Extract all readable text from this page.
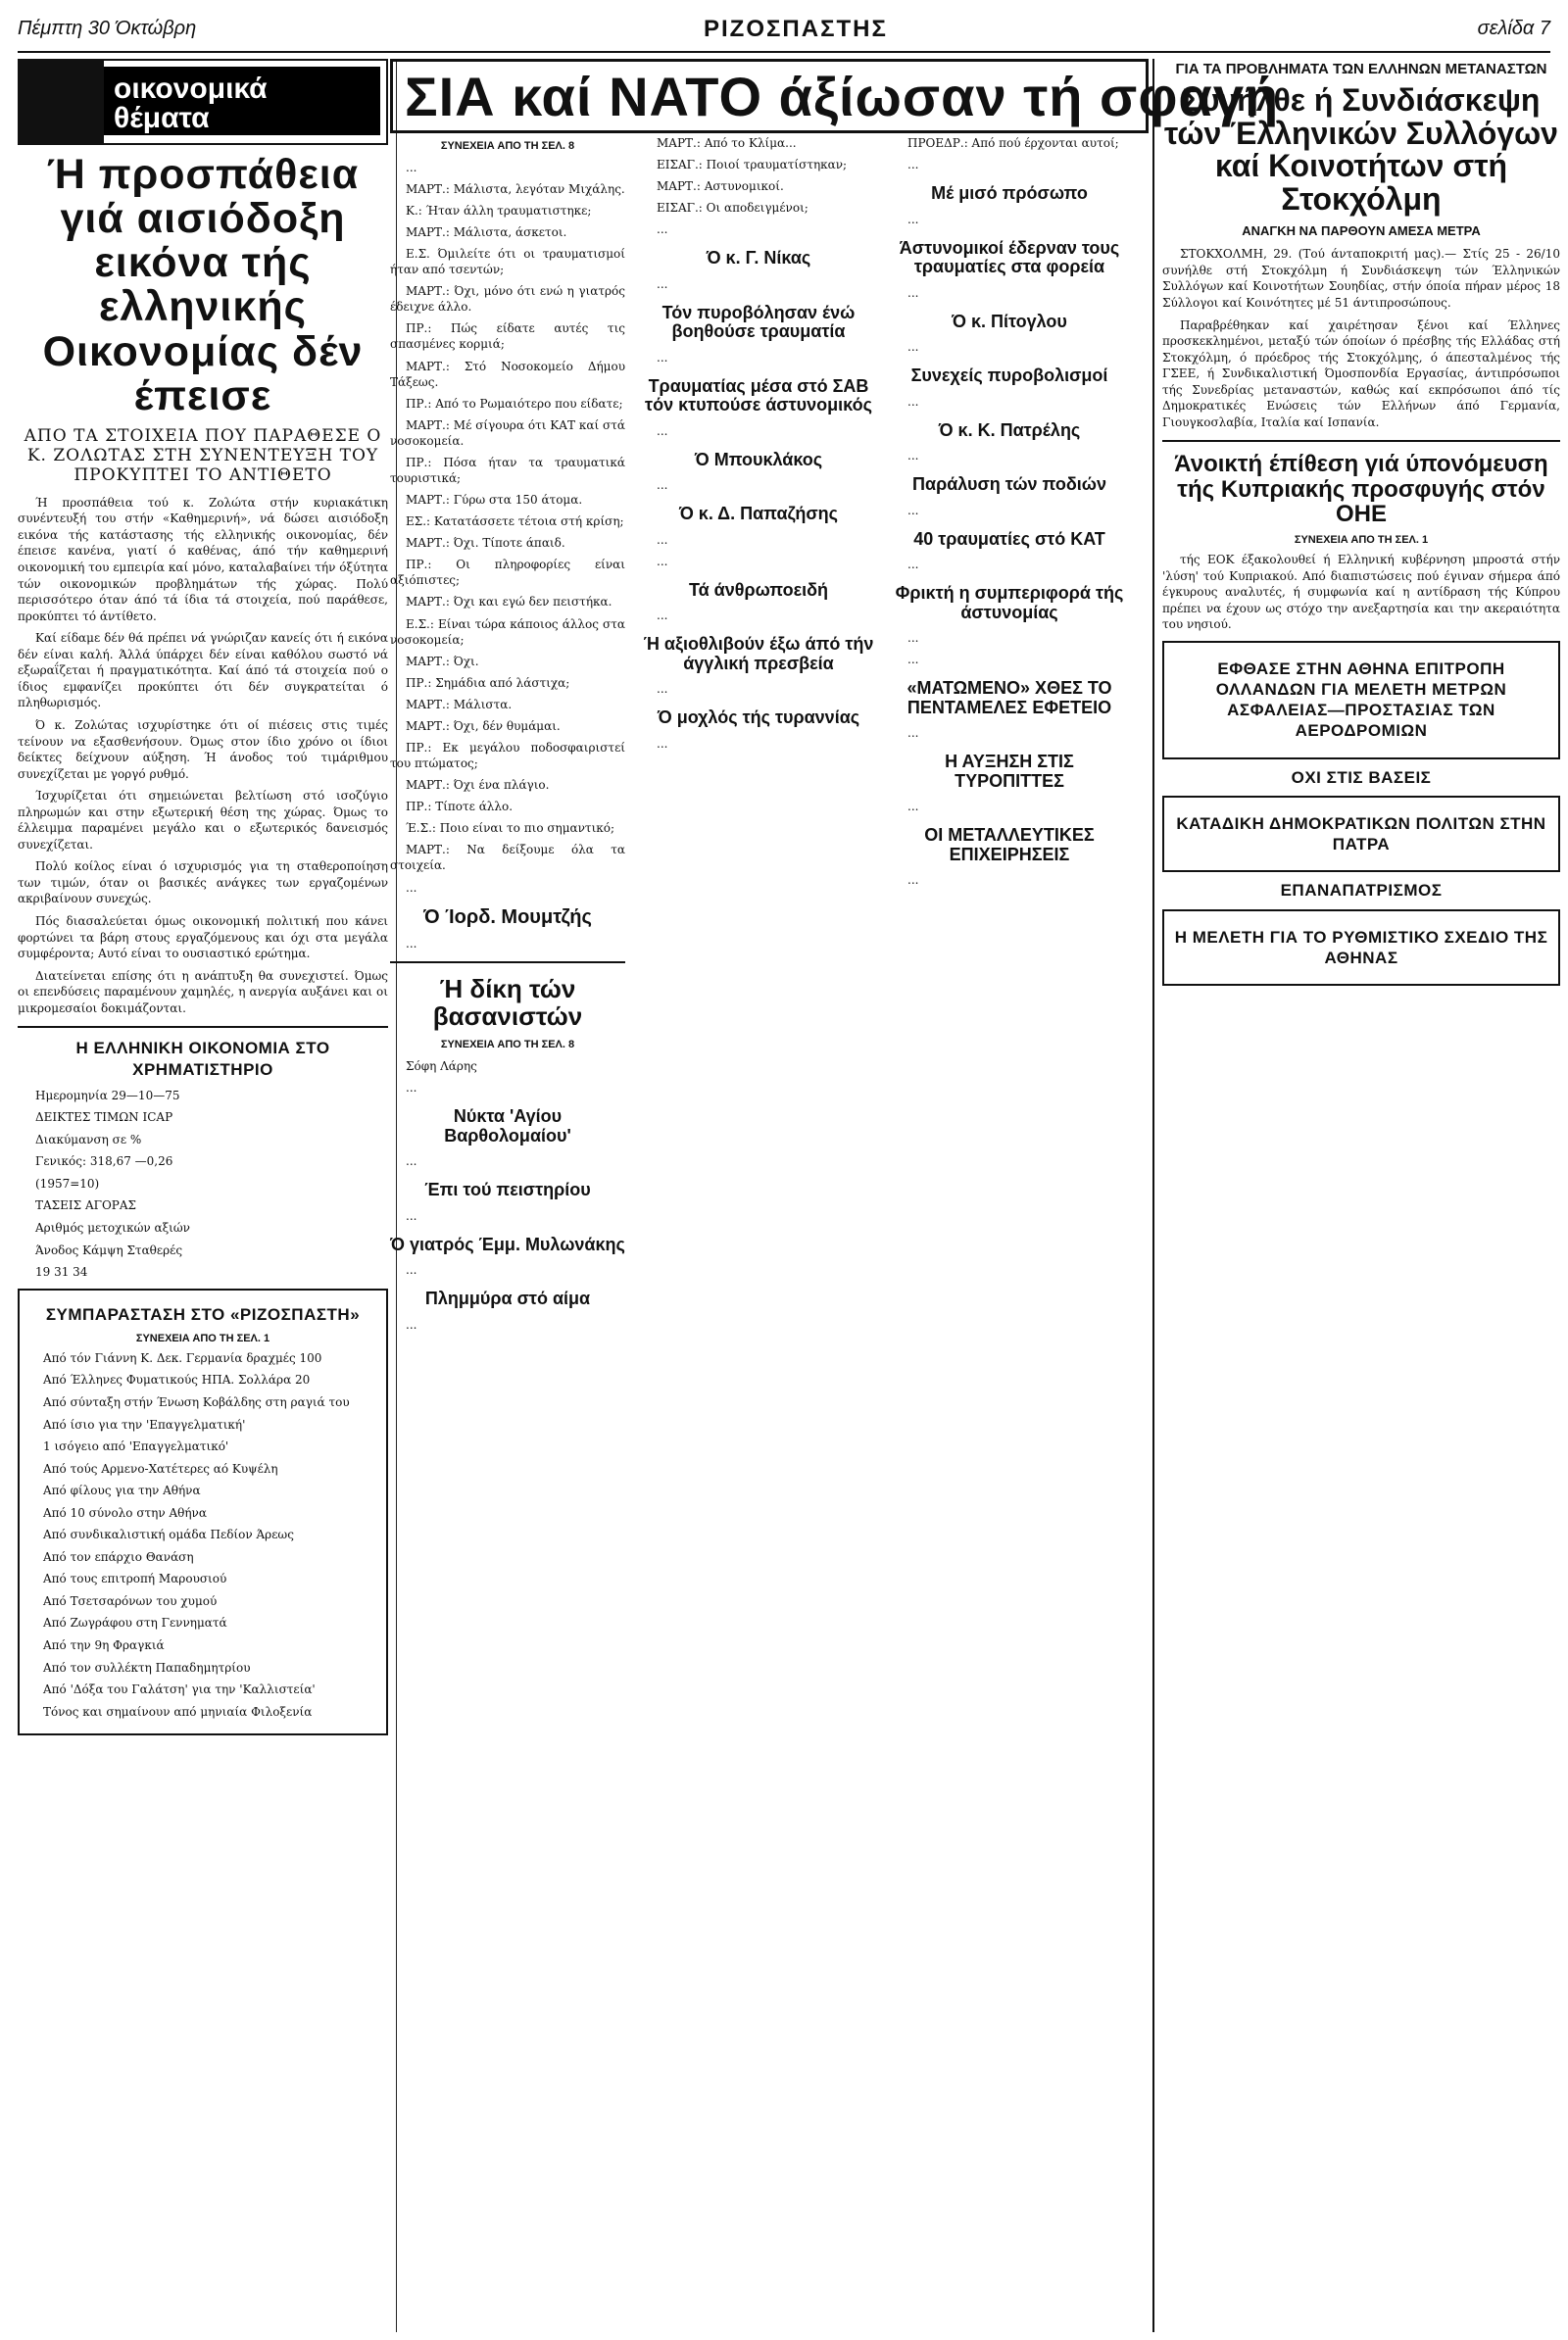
Πέμπτη 30 Όκτώβρη	ΡΙΖΟΣΠΑΣΤΗΣ	σελίδα 7
οικονομικά
θέματα
Ή προσπάθεια γιά αισιόδοξη εικόνα τής ελληνικής Οικονομίας δέν έπεισε
ΑΠΟ ΤΑ ΣΤΟΙΧΕΙΑ ΠΟΥ ΠΑΡΑΘΕΣΕ Ο Κ. ΖΟΛΩΤΑΣ ΣΤΗ ΣΥΝΕΝΤΕΥΞΗ ΤΟΥ ΠΡΟΚΥΠΤΕΙ ΤΟ ΑΝΤΙΘΕΤΟ

Ή προσπάθεια τού κ. Ζολώτα στήν κυριακάτικη συνέντευξή του στήν «Καθημερινή», νά δώσει αισιόδοξη εικόνα τής κατάστασης τής ελληνικής οικονομίας, δέν έπεισε κανένα, γιατί ό καθένας, άπό τήν καθημερινή οικονομική του εμπειρία καί μόνο, καταλαβαίνει τήν όξύτητα τών οικονομικών προβλημάτων τής χώρας. Πολύ περισσότερο όταν άπό τά ίδια τά στοιχεία, πού παράθεσε, προκύπτει τό άντίθετο.

Καί είδαμε δέν θά πρέπει νά γνώριζαν κανείς ότι ή εικόνα δέν είναι καλή. Άλλά ύπάρχει δέν είναι καθόλου σωστό νά εξωραΐζεται ή πραγματικότητα. Καί άπό τά στοιχεία πού ο ίδιος εμφανίζει προκύπτει ότι δέν συγκρατείται ό πληθωρισμός.

Ό κ. Ζολώτας ισχυρίστηκε ότι οί πιέσεις στις τιμές τείνουν να εξασθενήσουν. Όμως στον ίδιο χρόνο οι ίδιοι δείκτες δείχνουν αύξηση. Ή άνοδος τού τιμάριθμου συνεχίζεται με γοργό ρυθμό.

Ίσχυρίζεται ότι σημειώνεται βελτίωση στό ισοζύγιο πληρωμών και στην εξωτερική θέση της χώρας. Όμως το έλλειμμα παραμένει μεγάλο και ο εξωτερικός δανεισμός συνεχίζεται.

Πολύ κοίλος είναι ό ισχυρισμός για τη σταθεροποίηση των τιμών, όταν οι βασικές ανάγκες των εργαζομένων ακριβαίνουν συνεχώς.

Πός διασαλεύεται όμως οικονομική πολιτική που κάνει φορτώνει τα βάρη στους εργαζόμενους και όχι στα μεγάλα συμφέροντα; Αυτό είναι το ουσιαστικό ερώτημα.

Διατείνεται επίσης ότι η ανάπτυξη θα συνεχιστεί. Όμως οι επενδύσεις παραμένουν χαμηλές, η ανεργία αυξάνει και οι μικρομεσαίοι δοκιμάζονται.

Η ΕΛΛΗΝΙΚΗ ΟΙΚΟΝΟΜΙΑ ΣΤΟ ΧΡΗΜΑΤΙΣΤΗΡΙΟ

Ημερομηνία 29—10—75

ΔΕΙΚΤΕΣ ΤΙΜΩΝ ICAP

Διακύμανση σε %

Γενικός: 318,67 —0,26

(1957=10)

ΤΑΣΕΙΣ ΑΓΟΡΑΣ

Αριθμός μετοχικών αξιών

Άνοδος Κάμψη Σταθερές

19 31 34

ΣΥΜΠΑΡΑΣΤΑΣΗ ΣΤΟ «ΡΙΖΟΣΠΑΣΤΗ»
ΣΥΝΕΧΕΙΑ ΑΠΟ ΤΗ ΣΕΛ. 1

Από τόν Γιάννη Κ. Δεκ. Γερμανία δραχμές 100

Από Έλληνες Φυματικούς ΗΠΑ. Σολλάρα 20

Από σύνταξη στήν Ένωση Κοβάλδης στη ραγιά του

Από ίσιο για την 'Επαγγελματική'

1 ισόγειο από 'Επαγγελματικό'

Από τούς Αρμενο-Χατέτερες αό Κυψέλη

Από φίλους για την Αθήνα

Από 10 σύνολο στην Αθήνα

Από συνδικαλιστική ομάδα Πεδίον Άρεως

Από τον επάρχιο Θανάση

Από τους επιτροπή Μαρουσιού

Από Τσετσαρόνων του χυμού

Από Ζωγράφου στη Γεννηματά

Από την 9η Φραγκιά

Από τον συλλέκτη Παπαδημητρίου

Από 'Δόξα του Γαλάτση' για την 'Καλλιστεία'

Τόνος και σημαίνουν από μηνιαία Φιλοξενία

ΣΙΑ καί ΝΑΤΟ άξίωσαν τή σφαγή
ΣΥΝΕΧΕΙΑ ΑΠΟ ΤΗ ΣΕΛ. 8

...

ΜΑΡΤ.: Μάλιστα, λεγόταν Μιχάλης.

Κ.: Ήταν άλλη τραυματιστηκε;

ΜΑΡΤ.: Μάλιστα, άσκετοι.

Ε.Σ. Όμιλείτε ότι οι τραυματισμοί ήταν από τσεντών;

ΜΑΡΤ.: Όχι, μόνο ότι ενώ η γιατρός έδειχνε άλλο.

ΠΡ.: Πώς είδατε αυτές τις σπασμένες κορμιά;

ΜΑΡΤ.: Στό Νοσοκομείο Δήμου Τάξεως.

ΠΡ.: Από το Ρωμαιότερο που είδατε;

ΜΑΡΤ.: Μέ σίγουρα ότι ΚΑΤ καί στά νοσοκομεία.

ΠΡ.: Πόσα ήταν τα τραυματικά τουριστικά;

ΜΑΡΤ.: Γύρω στα 150 άτομα.

ΕΣ.: Κατατάσσετε τέτοια στή κρίση;

ΜΑΡΤ.: Όχι. Τίποτε άπαιδ.

ΠΡ.: Οι πληροφορίες είναι αξιόπιστες;

ΜΑΡΤ.: Όχι και εγώ δεν πειστήκα.

Ε.Σ.: Είναι τώρα κάποιος άλλος στα νοσοκομεία;

ΜΑΡΤ.: Όχι.

ΠΡ.: Σημάδια από λάστιχα;

ΜΑΡΤ.: Μάλιστα.

ΜΑΡΤ.: Όχι, δέν θυμάμαι.

ΠΡ.: Εκ μεγάλου ποδοσφαιριστεί του πτώματος;

ΜΑΡΤ.: Όχι ένα πλάγιο.

ΠΡ.: Τίποτε άλλο.

Έ.Σ.: Ποιο είναι το πιο σημαντικό;

ΜΑΡΤ.: Να δείξουμε όλα τα στοιχεία.

...

Ό Ίορδ. Μουμτζής

...

Ή δίκη τών βασανιστών
ΣΥΝΕΧΕΙΑ ΑΠΟ ΤΗ ΣΕΛ. 8

Σόφη Λάρης

...

Νύκτα 'Αγίου Βαρθολομαίου'

...

Έπι τού πειστηρίου

...

Ό γιατρός Έμμ. Μυλωνάκης

...

Πλημμύρα στό αίμα

...

ΜΑΡΤ.: Από το Κλίμα...

ΕΙΣΑΓ.: Ποιοί τραυματίστηκαν;

ΜΑΡΤ.: Αστυνομικοί.

ΕΙΣΑΓ.: Οι αποδειγμένοι;

...

Ό κ. Γ. Νίκας

...

Τόν πυροβόλησαν ένώ βοηθούσε τραυματία

...

Τραυματίας μέσα στό ΣΑΒ τόν κτυπούσε άστυνομικός

...

Ό Μπουκλάκος

...

Ό κ. Δ. Παπαζήσης

...

...

Τά άνθρωποειδή

...

Ή αξιοθλιβούν έξω άπό τήν άγγλική πρεσβεία

...

Ό μοχλός τής τυραννίας

...

ΠΡΟΕΔΡ.: Από πού έρχονται αυτοί;

...

Μέ μισό πρόσωπο

...

Άστυνομικοί έδερναν τους τραυματίες στα φορεία

...

Ό κ. Πίτογλου

...

Συνεχείς πυροβολισμοί

...

Ό κ. Κ. Πατρέλης

...

Παράλυση τών ποδιών

...

40 τραυματίες στό ΚΑΤ

...

Φρικτή η συμπεριφορά τής άστυνομίας

...

...

«ΜΑΤΩΜΕΝΟ» ΧΘΕΣ ΤΟ ΠΕΝΤΑΜΕΛΕΣ ΕΦΕΤΕΙΟ

...

Η ΑΥΞΗΣΗ ΣΤΙΣ ΤΥΡΟΠΙΤΤΕΣ

...

ΟΙ ΜΕΤΑΛΛΕΥΤΙΚΕΣ ΕΠΙΧΕΙΡΗΣΕΙΣ

...

ΓΙΑ ΤΑ ΠΡΟΒΛΗΜΑΤΑ ΤΩΝ ΕΛΛΗΝΩΝ ΜΕΤΑΝΑΣΤΩΝ
Συνήλθε ή Συνδιάσκεψη τών Έλληνικών Συλλόγων καί Κοινοτήτων στή Στοκχόλμη
ΑΝΑΓΚΗ ΝΑ ΠΑΡΘΟΥΝ ΑΜΕΣΑ ΜΕΤΡΑ

ΣΤΟΚΧΟΛΜΗ, 29. (Τού άνταποκριτή μας).— Στίς 25 - 26/10 συνήλθε στή Στοκχόλμη ή Συνδιάσκεψη τών Έλληνικών Συλλόγων καί Κοινοτήτων Σουηδίας, στήν όποία πήραν μέρος 18 Σύλλογοι καί Κοινότητες μέ 51 άντιπροσώπους.

Παραβρέθηκαν καί χαιρέτησαν ξένοι καί Έλληνες προσκεκλημένοι, μεταξύ τών όποίων ό πρέσβης τής Ελλάδας στή Στοκχόλμη, ό πρόεδρος τής Στοκχόλμης, ό άπεσταλμένος τής ΓΣΕΕ, ή Συνδικαλιστική Όμοσπονδία Εργασίας, άντιπρόσωποι τής Συνεδρίας μεταναστών, καθώς καί εκπρόσωποι άπό τίς Δημοκρατικές Ενώσεις τών Ελλήνων άπό Γερμανία, Γιουγκοσλαβία, Ιταλία καί Ισπανία.

Άνοικτή έπίθεση γιά ύπονόμευση τής Κυπριακής προσφυγής στόν ΟΗΕ
ΣΥΝΕΧΕΙΑ ΑΠΟ ΤΗ ΣΕΛ. 1

τής ΕΟΚ έξακολουθεί ή Ελληνική κυβέρνηση μπροστά στήν 'λύση' τού Κυπριακού. Από διαπιστώσεις πού έγιναν σήμερα άπό έγκυρους αναλυτές, ή συμφωνία καί η αντίδραση τής Κύπρου πρέπει να έχουν ως στόχο την ανεξαρτησία και την ακεραιότητα του νησιού.

ΕΦΘΑΣΕ ΣΤΗΝ ΑΘΗΝΑ ΕΠΙΤΡΟΠΗ ΟΛΛΑΝΔΩΝ ΓΙΑ ΜΕΛΕΤΗ ΜΕΤΡΩΝ ΑΣΦΑΛΕΙΑΣ—ΠΡΟΣΤΑΣΙΑΣ ΤΩΝ ΑΕΡΟΔΡΟΜΙΩΝ
ΟΧΙ ΣΤΙΣ ΒΑΣΕΙΣ
ΚΑΤΑΔΙΚΗ ΔΗΜΟΚΡΑΤΙΚΩΝ ΠΟΛΙΤΩΝ ΣΤΗΝ ΠΑΤΡΑ
ΕΠΑΝΑΠΑΤΡΙΣΜΟΣ
Η ΜΕΛΕΤΗ ΓΙΑ ΤΟ ΡΥΘΜΙΣΤΙΚΟ ΣΧΕΔΙΟ ΤΗΣ ΑΘΗΝΑΣ
